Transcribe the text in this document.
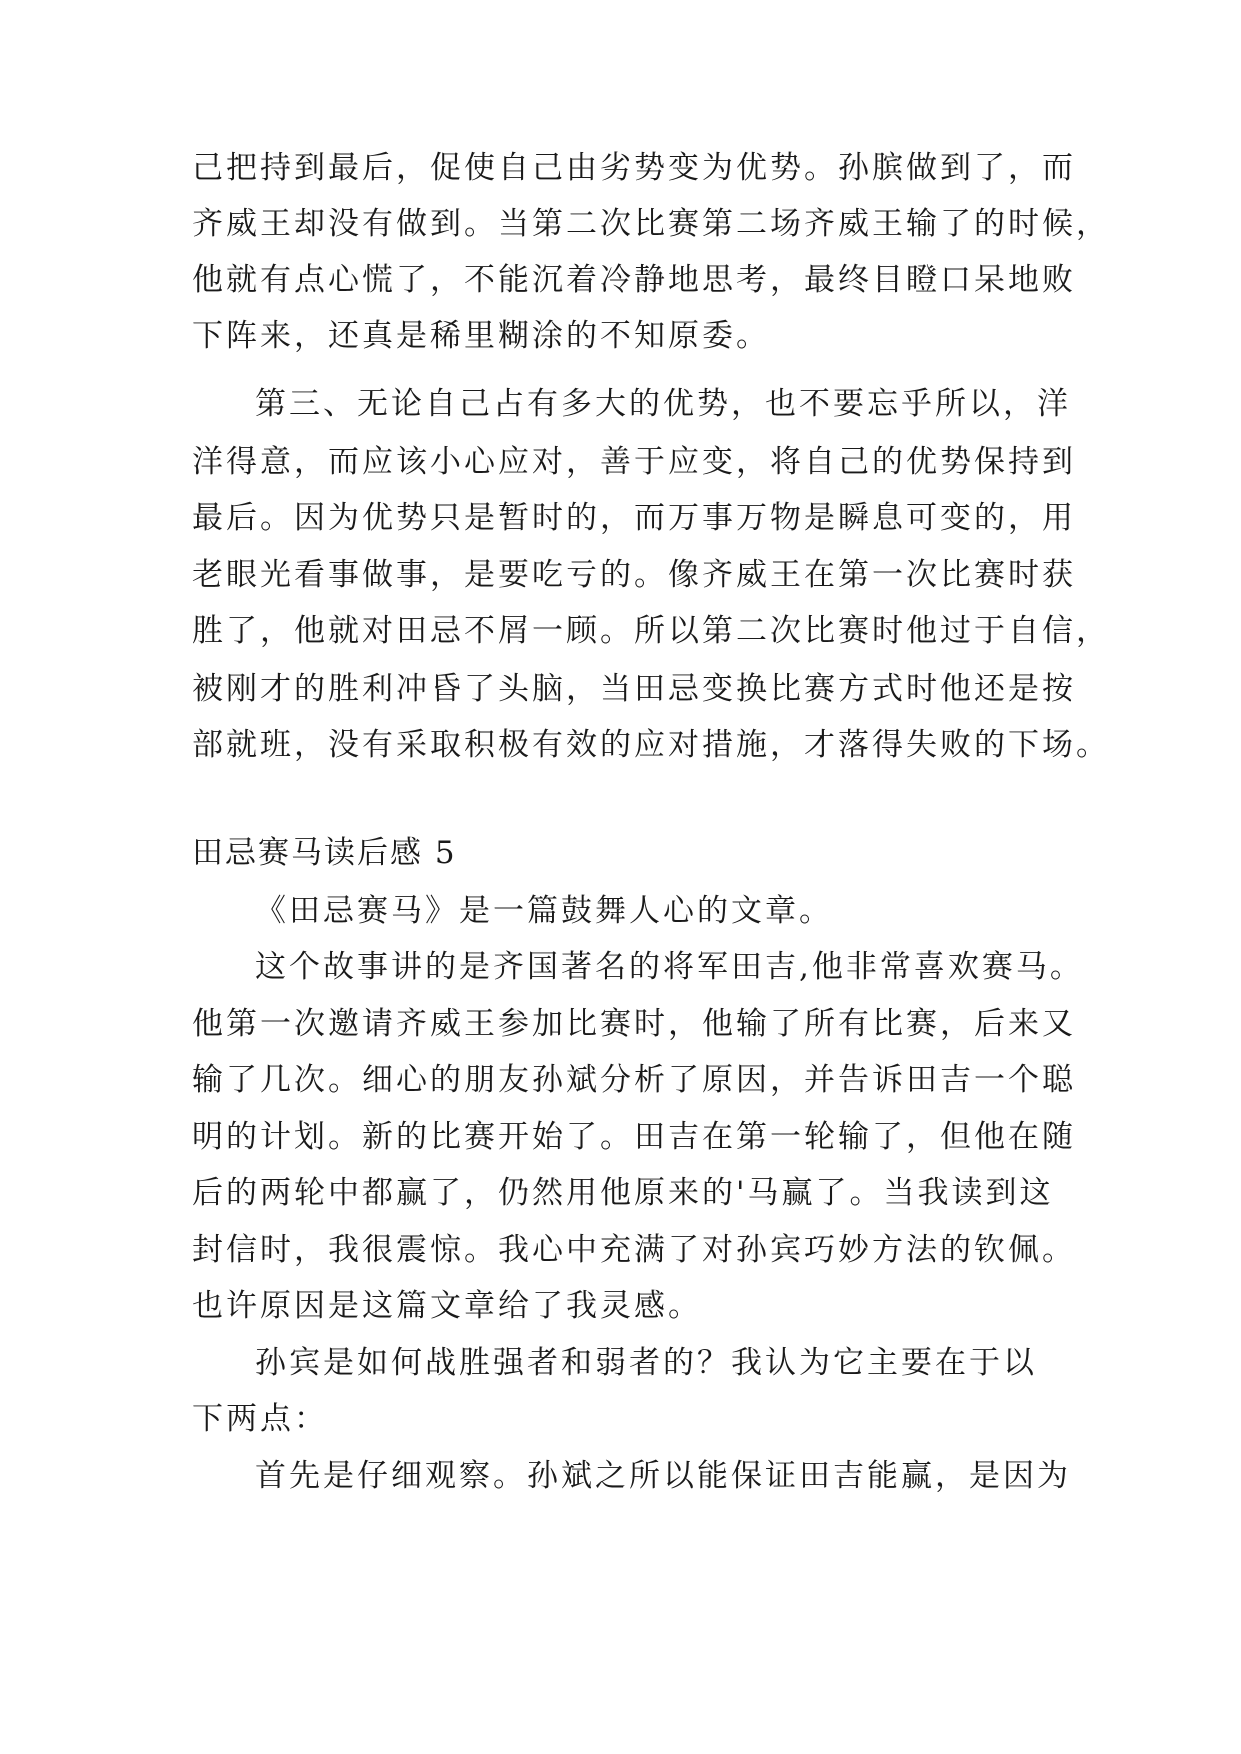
己把持到最后，促使自己由劣势变为优势。孙膑做到了，而
齐威王却没有做到。当第二次比赛第二场齐威王输了的时候，
他就有点心慌了，不能沉着冷静地思考，最终目瞪口呆地败
下阵来，还真是稀里糊涂的不知原委。
第三、无论自己占有多大的优势，也不要忘乎所以，洋
洋得意，而应该小心应对，善于应变，将自己的优势保持到
最后。因为优势只是暂时的，而万事万物是瞬息可变的，用
老眼光看事做事，是要吃亏的。像齐威王在第一次比赛时获
胜了，他就对田忌不屑一顾。所以第二次比赛时他过于自信，
被刚才的胜利冲昏了头脑，当田忌变换比赛方式时他还是按
部就班，没有采取积极有效的应对措施，才落得失败的下场。
田忌赛马读后感 5
《田忌赛马》是一篇鼓舞人心的文章。
这个故事讲的是齐国著名的将军田吉,他非常喜欢赛马。
他第一次邀请齐威王参加比赛时，他输了所有比赛，后来又
输了几次。细心的朋友孙斌分析了原因，并告诉田吉一个聪
明的计划。新的比赛开始了。田吉在第一轮输了，但他在随
后的两轮中都赢了，仍然用他原来的'马赢了。当我读到这
封信时，我很震惊。我心中充满了对孙宾巧妙方法的钦佩。
也许原因是这篇文章给了我灵感。
孙宾是如何战胜强者和弱者的？我认为它主要在于以
下两点：
首先是仔细观察。孙斌之所以能保证田吉能赢，是因为
